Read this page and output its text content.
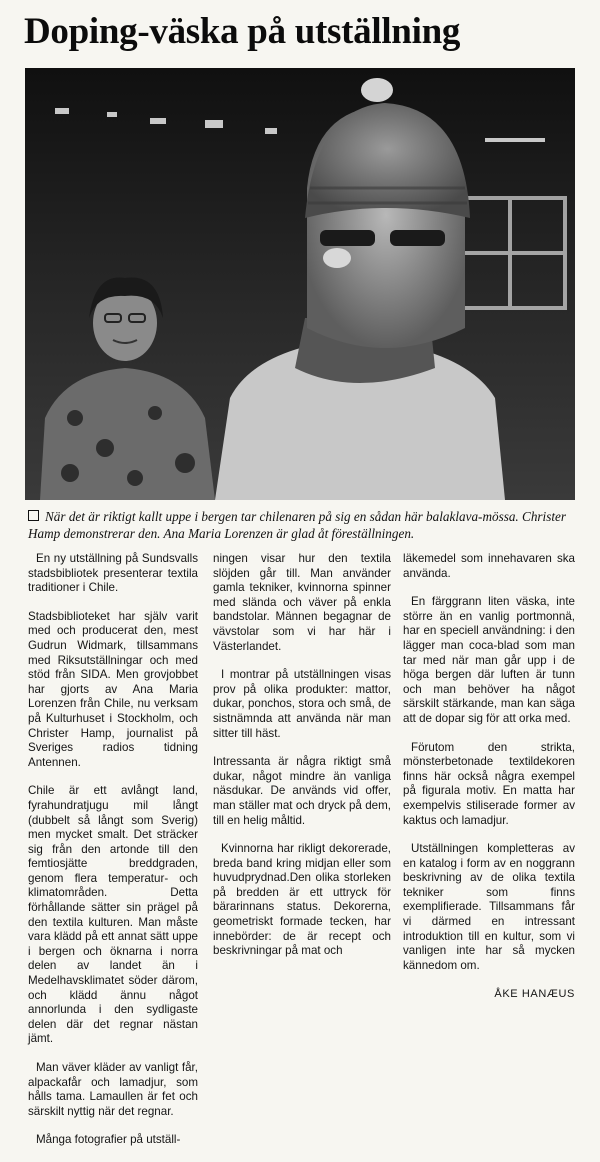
Doping-väska på utställning
När det är riktigt kallt uppe i bergen tar chilenaren på sig en sådan här balaklava-mössa. Christer Hamp demonstrerar den. Ana Maria Lorenzen är glad åt föreställningen.

En ny utställning på Sundsvalls stadsbibliotek presenterar textila traditioner i Chile.

Stadsbiblioteket har själv varit med och producerat den, mest Gudrun Widmark, tillsammans med Riksutställningar och med stöd från SIDA. Men grovjobbet har gjorts av Ana Maria Lorenzen från Chile, nu verksam på Kulturhuset i Stockholm, och Christer Hamp, journalist på Sveriges radios tidning Antennen.

Chile är ett avlångt land, fyrahundratjugu mil långt (dubbelt så långt som Sverig) men mycket smalt. Det sträcker sig från den artonde till den femtiosjätte breddgraden, genom flera temperatur- och klimatområden. Detta förhållande sätter sin prägel på den textila kulturen. Man måste vara klädd på ett annat sätt uppe i bergen och öknarna i norra delen av landet än i Medelhavsklimatet söder därom, och klädd ännu något annorlunda i den sydligaste delen där det regnar nästan jämt.

Man väver kläder av vanligt får, alpackafår och lamadjur, som hålls tama. Lamaullen är fet och särskilt nyttig när det regnar.

Många fotografier på utställ-

ningen visar hur den textila slöjden går till. Man använder gamla tekniker, kvinnorna spinner med slända och väver på enkla bandstolar. Männen begagnar de vävstolar som vi har här i Västerlandet.

I montrar på utställningen visas prov på olika produkter: mattor, dukar, ponchos, stora och små, de sistnämnda att använda när man sitter till häst.

Intressanta är några riktigt små dukar, något mindre än vanliga näsdukar. De används vid offer, man ställer mat och dryck på dem, till en helig måltid.

Kvinnorna har rikligt dekorerade, breda band kring midjan eller som huvudprydnad.Den olika storleken på bredden är ett uttryck för bärarinnans status. Dekorerna, geometriskt formade tecken, har innebörder: de är recept och beskrivningar på mat och

läkemedel som innehavaren ska använda.

En färggrann liten väska, inte större än en vanlig portmonnä, har en speciell användning: i den lägger man coca-blad som man tar med när man går upp i de höga bergen där luften är tunn och man behöver ha något särskilt stärkande, man kan säga att de dopar sig för att orka med.

Förutom den strikta, mönsterbetonade textildekoren finns här också några exempel på figurala motiv. En matta har exempelvis stiliserade former av kaktus och lamadjur.

Utställningen kompletteras av en katalog i form av en noggrann beskrivning av de olika textila tekniker som finns exemplifierade. Tillsammans får vi därmed en intressant introduktion till en kultur, som vi vanligen inte har så mycken kännedom om.

ÅKE HANÆUS
